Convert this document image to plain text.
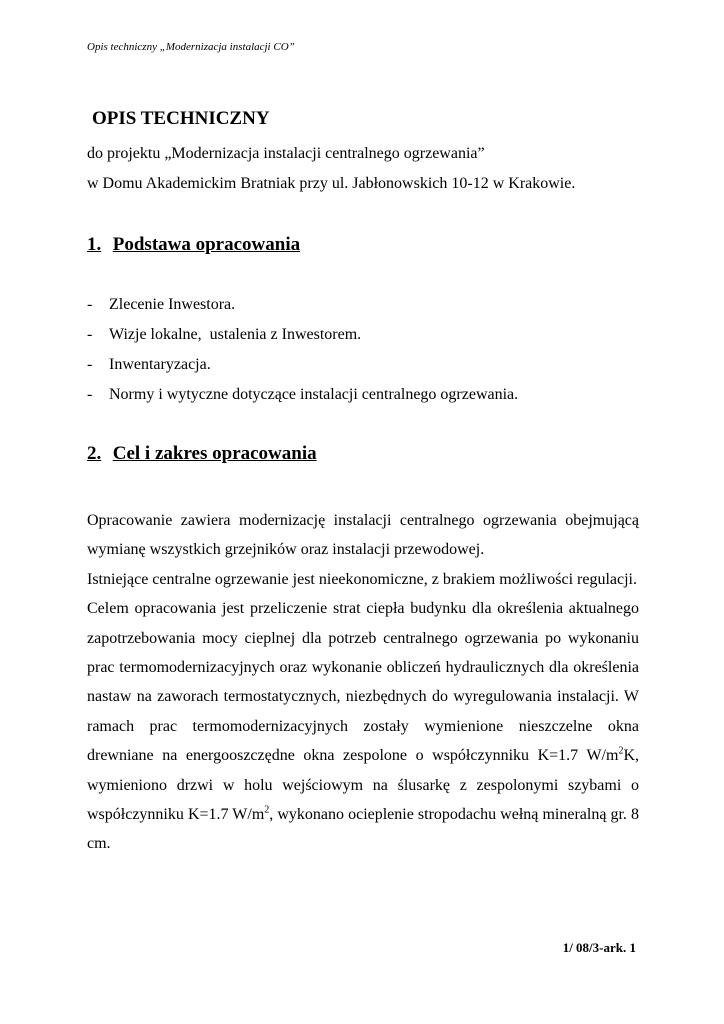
Opis techniczny „Modernizacja instalacji CO”
OPIS TECHNICZNY
do projektu „Modernizacja instalacji centralnego ogrzewania”
w Domu Akademickim Bratniak przy ul. Jabłonowskich 10-12 w Krakowie.
1. Podstawa opracowania
- Zlecenie Inwestora.
- Wizje lokalne,  ustalenia z Inwestorem.
- Inwentaryzacja.
- Normy i wytyczne dotyczące instalacji centralnego ogrzewania.
2. Cel i zakres opracowania

Opracowanie zawiera modernizację instalacji centralnego ogrzewania obejmującą wymianę wszystkich grzejników oraz instalacji przewodowej.

Istniejące centralne ogrzewanie jest nieekonomiczne, z brakiem możliwości regulacji.

Celem opracowania jest przeliczenie strat ciepła budynku dla określenia aktualnego zapotrzebowania mocy cieplnej dla potrzeb centralnego ogrzewania po wykonaniu prac termomodernizacyjnych oraz wykonanie obliczeń hydraulicznych dla określenia nastaw na zaworach termostatycznych, niezbędnych do wyregulowania instalacji. W ramach prac termomodernizacyjnych zostały wymienione nieszczelne okna drewniane na energooszczędne okna zespolone o współczynniku K=1.7 $W/m^2K$, wymieniono drzwi w holu wejściowym na ślusarkę z zespolonymi szybami o współczynniku K=1.7 $W/m^2$, wykonano ocieplenie stropodachu wełną mineralną gr. 8 cm.

1/ 08/3-ark. 1
